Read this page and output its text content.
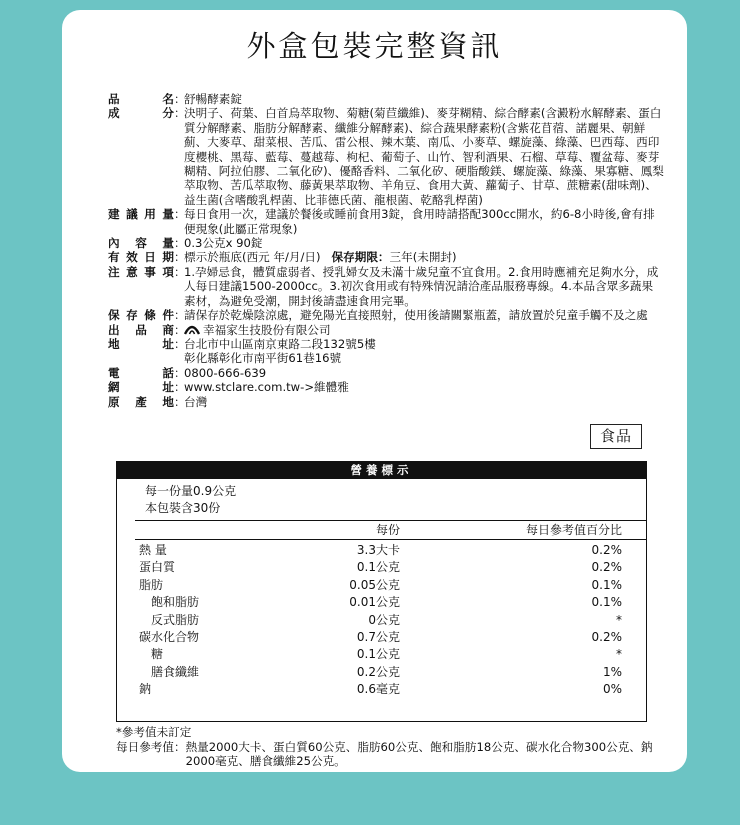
外盒包裝完整資訊
品名 ：
舒暢酵素錠
成分 ：
決明子、荷葉、白首烏萃取物、菊糖(菊苣纖維)、麥芽糊精、綜合酵素(含澱粉水解酵素、蛋白質分解酵素、脂肪分解酵素、纖維分解酵素)、綜合蔬果酵素粉(含紫花苜蓿、諾麗果、朝鮮薊、大麥草、甜菜根、苦瓜、雷公根、辣木葉、南瓜、小麥草、螺旋藻、綠藻、巴西莓、西印度櫻桃、黑莓、藍莓、蔓越莓、枸杞、葡萄子、山竹、智利酒果、石榴、草莓、覆盆莓、麥芽糊精、阿拉伯膠、二氧化矽)、優酪香料、二氧化矽、硬脂酸鎂、螺旋藻、綠藻、果寡糖、鳳梨萃取物、苦瓜萃取物、藤黃果萃取物、羊角豆、食用大黃、蘿蔔子、甘草、蔗糖素(甜味劑)、益生菌(含嗜酸乳桿菌、比菲德氏菌、龍根菌、乾酪乳桿菌)
建議用量 ：
每日食用一次，建議於餐後或睡前食用3錠，食用時請搭配300cc開水，約6-8小時後,會有排便現象(此屬正常現象)
內容量 ：
0.3公克x 90錠
有效日期 ：
標示於瓶底(西元 年/月/日) 保存期限：三年(未開封)
注意事項 ：
1.孕婦忌食，體質虛弱者、授乳婦女及未滿十歲兒童不宜食用。2.食用時應補充足夠水分，成人每日建議1500-2000cc。3.初次食用或有特殊情況請洽產品服務專線。4.本品含眾多蔬果素材，為避免受潮，開封後請盡速食用完畢。
保存條件 ：
請保存於乾燥陰涼處，避免陽光直接照射，使用後請關緊瓶蓋，請放置於兒童手觸不及之處
出品商 ：	幸福家生技股份有限公司
地址 ：
台北市中山區南京東路二段132號5樓
彰化縣彰化市南平街61巷16號
電話 ：
0800-666-639
網址 ：
www.stclare.com.tw->維體雅
原產地 ：
台灣
食品
營養標示
每一份量0.9公克
本包裝含30份
每份	每日參考值百分比
熱 量	3.3大卡	0.2%
蛋白質	0.1公克	0.2%
脂肪	0.05公克	0.1%
飽和脂肪	0.01公克	0.1%
反式脂肪	0公克	*
碳水化合物	0.7公克	0.2%
糖	0.1公克	*
膳食纖維	0.2公克	1%
鈉	0.6毫克	0%
*參考值未訂定
每日參考值： 熱量2000大卡、蛋白質60公克、脂肪60公克、飽和脂肪18公克、碳水化合物300公克、鈉2000毫克、膳食纖維25公克。
